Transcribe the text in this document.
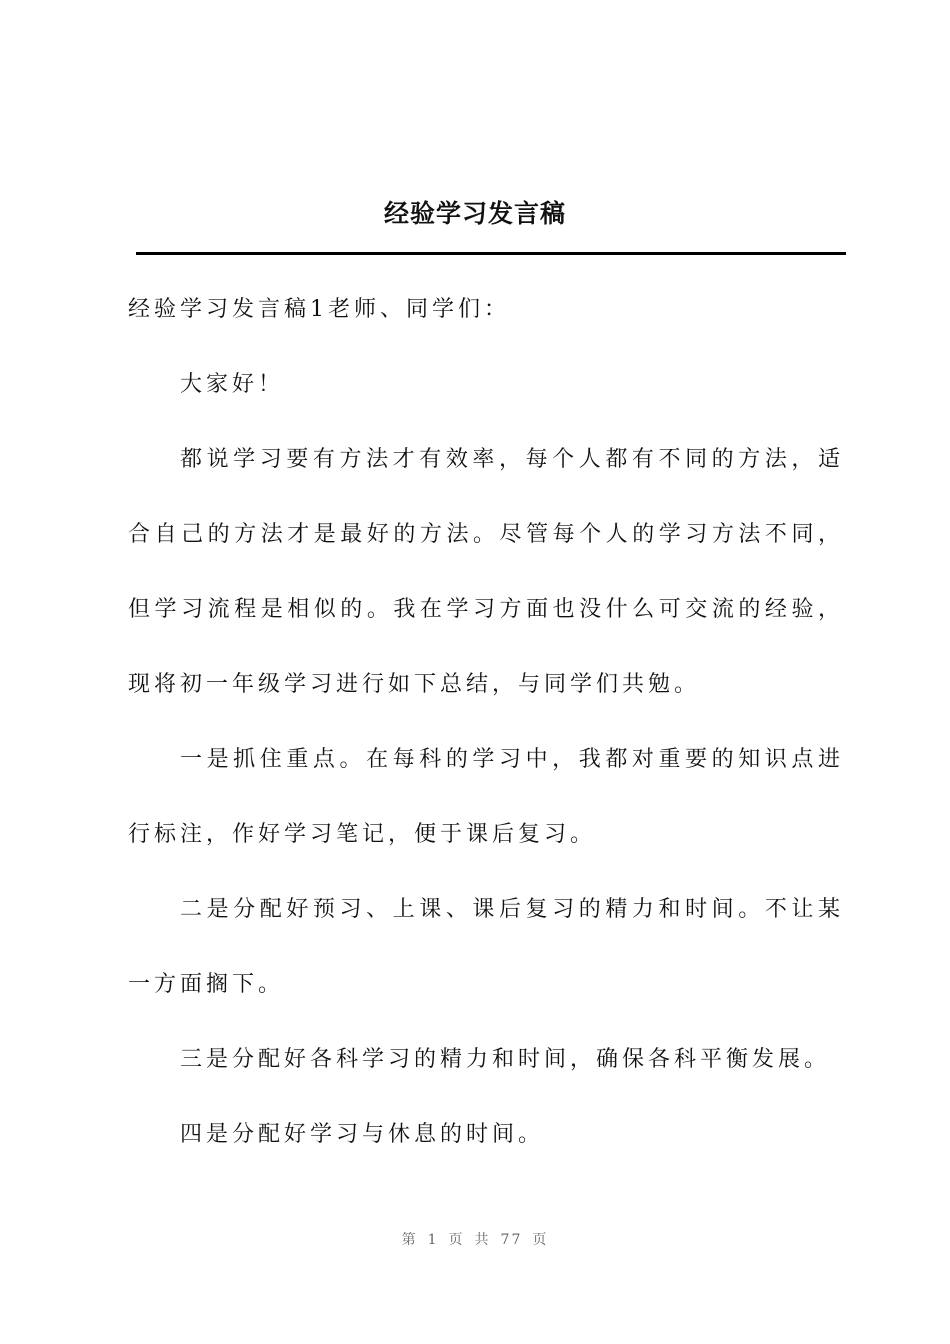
经验学习发言稿

经验学习发言稿1老师、同学们：

大家好！

都说学习要有方法才有效率，每个人都有不同的方法，适合自己的方法才是最好的方法。尽管每个人的学习方法不同，但学习流程是相似的。我在学习方面也没什么可交流的经验，现将初一年级学习进行如下总结，与同学们共勉。

一是抓住重点。在每科的学习中，我都对重要的知识点进行标注，作好学习笔记，便于课后复习。

二是分配好预习、上课、课后复习的精力和时间。不让某一方面搁下。

三是分配好各科学习的精力和时间，确保各科平衡发展。

四是分配好学习与休息的时间。

第 1 页 共 77 页
